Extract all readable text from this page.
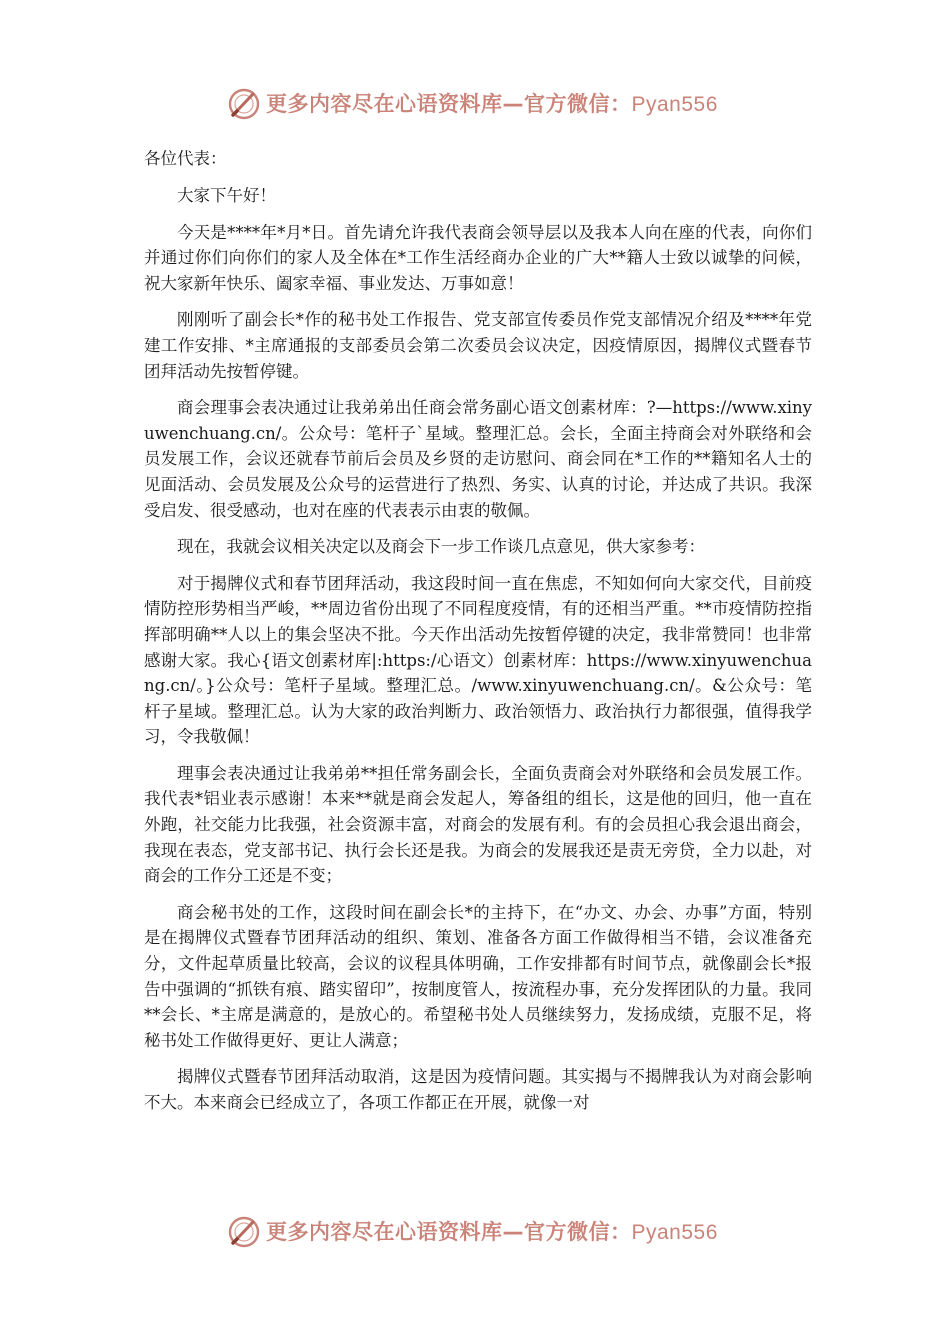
更多内容尽在心语资料库—官方微信：Pyan556
各位代表：

大家下午好！

今天是****年*月*日。首先请允许我代表商会领导层以及我本人向在座的代表，向你们并通过你们向你们的家人及全体在*工作生活经商办企业的广大**籍人士致以诚挚的问候，祝大家新年快乐、阖家幸福、事业发达、万事如意！

刚刚听了副会长*作的秘书处工作报告、党支部宣传委员作党支部情况介绍及****年党建工作安排、*主席通报的支部委员会第二次委员会议决定，因疫情原因，揭牌仪式暨春节团拜活动先按暂停键。

商会理事会表决通过让我弟弟出任商会常务副心语文创素材库：?—https://www.xinyuwenchuang.cn/。公众号：笔杆子`星域。整理汇总。会长，全面主持商会对外联络和会员发展工作，会议还就春节前后会员及乡贤的走访慰问、商会同在*工作的**籍知名人士的见面活动、会员发展及公众号的运营进行了热烈、务实、认真的讨论，并达成了共识。我深受启发、很受感动，也对在座的代表表示由衷的敬佩。

现在，我就会议相关决定以及商会下一步工作谈几点意见，供大家参考：

对于揭牌仪式和春节团拜活动，我这段时间一直在焦虑，不知如何向大家交代，目前疫情防控形势相当严峻，**周边省份出现了不同程度疫情，有的还相当严重。**市疫情防控指挥部明确**人以上的集会坚决不批。今天作出活动先按暂停键的决定，我非常赞同！也非常感谢大家。我心{语文创素材库|:https:/心语文）创素材库：https://www.xinyuwenchuang.cn/。}公众号：笔杆子星域。整理汇总。/www.xinyuwenchuang.cn/。&公众号：笔杆子星域。整理汇总。认为大家的政治判断力、政治领悟力、政治执行力都很强，值得我学习，令我敬佩！

理事会表决通过让我弟弟**担任常务副会长，全面负责商会对外联络和会员发展工作。我代表*铝业表示感谢！本来**就是商会发起人，筹备组的组长，这是他的回归，他一直在外跑，社交能力比我强，社会资源丰富，对商会的发展有利。有的会员担心我会退出商会，我现在表态，党支部书记、执行会长还是我。为商会的发展我还是责无旁贷，全力以赴，对商会的工作分工还是不变；

商会秘书处的工作，这段时间在副会长*的主持下，在“办文、办会、办事”方面，特别是在揭牌仪式暨春节团拜活动的组织、策划、准备各方面工作做得相当不错，会议准备充分，文件起草质量比较高，会议的议程具体明确，工作安排都有时间节点，就像副会长*报告中强调的“抓铁有痕、踏实留印”，按制度管人，按流程办事，充分发挥团队的力量。我同**会长、*主席是满意的，是放心的。希望秘书处人员继续努力，发扬成绩，克服不足，将秘书处工作做得更好、更让人满意；

揭牌仪式暨春节团拜活动取消，这是因为疫情问题。其实揭与不揭牌我认为对商会影响不大。本来商会已经成立了，各项工作都正在开展，就像一对

更多内容尽在心语资料库—官方微信：Pyan556
